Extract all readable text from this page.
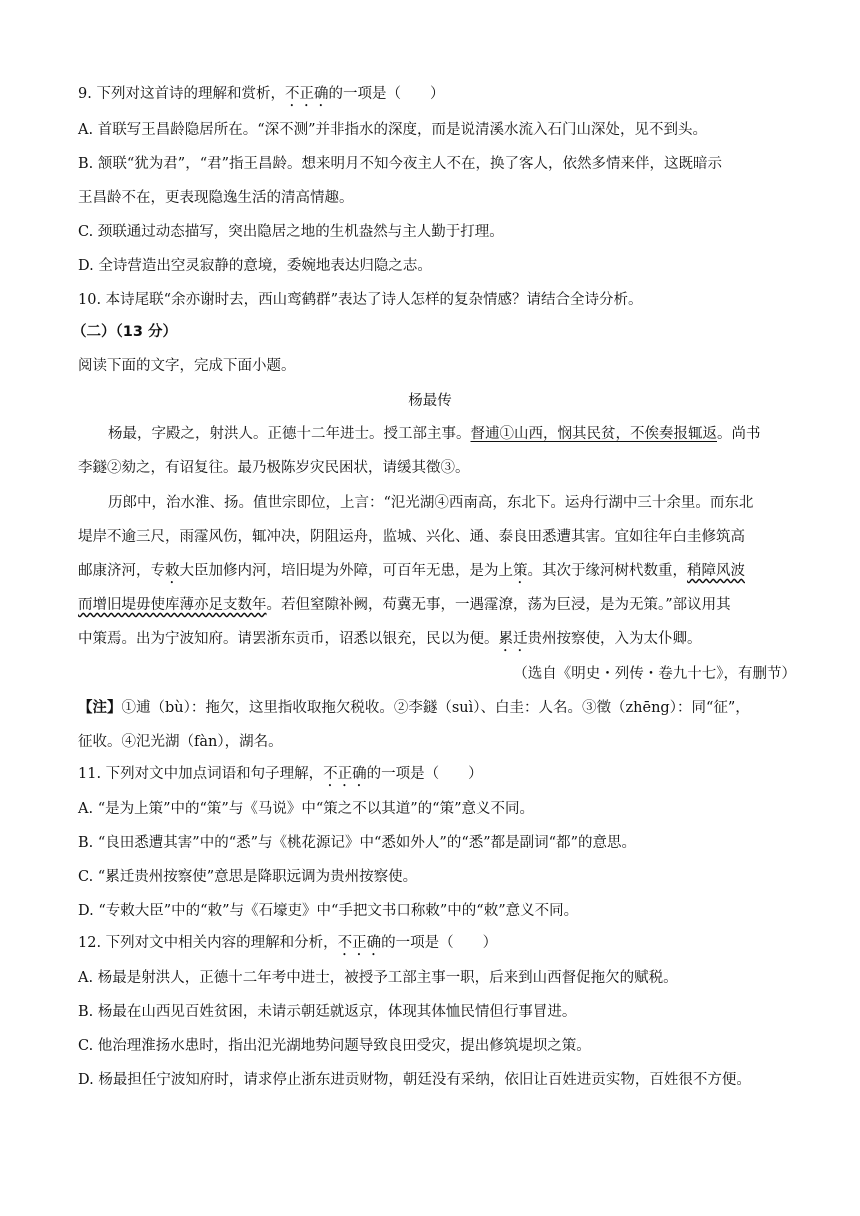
9. 下列对这首诗的理解和赏析，不正确的一项是（　　）
A. 首联写王昌龄隐居所在。“深不测”并非指水的深度，而是说清溪水流入石门山深处，见不到头。
B. 颔联“犹为君”，“君”指王昌龄。想来明月不知今夜主人不在，换了客人，依然多情来伴，这既暗示
王昌龄不在，更表现隐逸生活的清高情趣。
C. 颈联通过动态描写，突出隐居之地的生机盎然与主人勤于打理。
D. 全诗营造出空灵寂静的意境，委婉地表达归隐之志。
10. 本诗尾联“余亦谢时去，西山鸾鹤群”表达了诗人怎样的复杂情感？请结合全诗分析。
（二）（13 分）
阅读下面的文字，完成下面小题。
杨最传
杨最，字殿之，射洪人。正德十二年进士。授工部主事。督逋①山西，悯其民贫，不俟奏报辄返。尚书
李鐩②劾之，有诏复往。最乃极陈岁灾民困状，请缓其徵③。
历郎中，治水淮、扬。值世宗即位，上言：“氾光湖④西南高，东北下。运舟行湖中三十余里。而东北
堤岸不逾三尺，雨霪风伤，辄冲决，阴阻运舟，监城、兴化、通、泰良田悉遭其害。宜如往年白圭修筑高
邮康济河，专敕大臣加修内河，培旧堤为外障，可百年无患，是为上策。其次于缘河树杙数重，稍障风波
而增旧堤毋使库薄亦足支数年。若但窒隙补阙，苟冀无事，一遇霪潦，荡为巨浸，是为无策。”部议用其
中策焉。出为宁波知府。请罢浙东贡币，诏悉以银充，民以为便。累迁贵州按察使，入为太仆卿。
（选自《明史・列传・卷九十七》，有删节）
【注】①逋（bù）：拖欠，这里指收取拖欠税收。②李鐩（suì）、白圭：人名。③徵（zhēng）：同“征”，
征收。④氾光湖（fàn），湖名。
11. 下列对文中加点词语和句子理解，不正确的一项是（　　）
A. “是为上策”中的“策”与《马说》中“策之不以其道”的“策”意义不同。
B. “良田悉遭其害”中的“悉”与《桃花源记》中“悉如外人”的“悉”都是副词“都”的意思。
C. “累迁贵州按察使”意思是降职远调为贵州按察使。
D. “专敕大臣”中的“敕”与《石壕吏》中“手把文书口称敕”中的“敕”意义不同。
12. 下列对文中相关内容的理解和分析，不正确的一项是（　　）
A. 杨最是射洪人，正德十二年考中进士，被授予工部主事一职，后来到山西督促拖欠的赋税。
B. 杨最在山西见百姓贫困，未请示朝廷就返京，体现其体恤民情但行事冒进。
C. 他治理淮扬水患时，指出氾光湖地势问题导致良田受灾，提出修筑堤坝之策。
D. 杨最担任宁波知府时，请求停止浙东进贡财物，朝廷没有采纳，依旧让百姓进贡实物，百姓很不方便。
